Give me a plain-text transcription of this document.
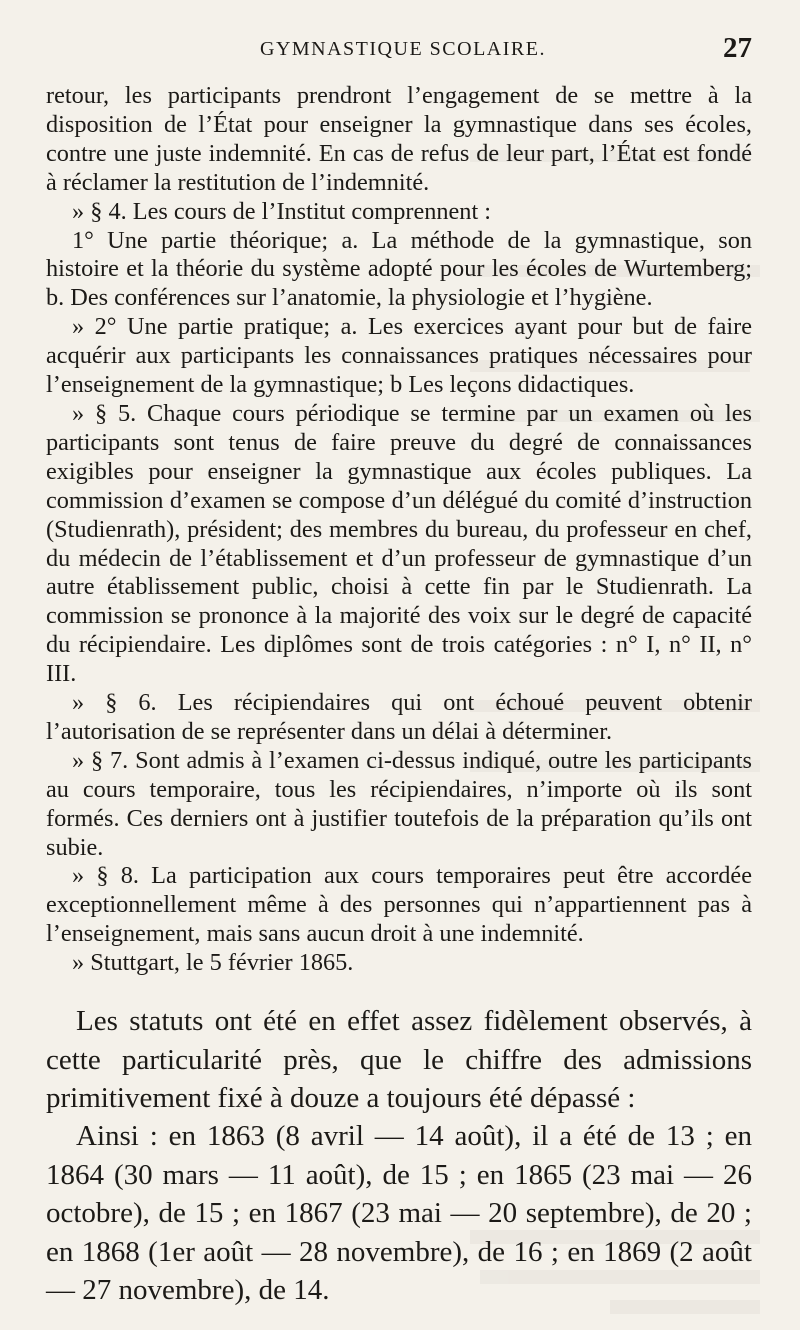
GYMNASTIQUE SCOLAIRE.	27

retour, les participants prendront l’engagement de se mettre à la disposition de l’État pour enseigner la gymnastique dans ses écoles, contre une juste indemnité. En cas de refus de leur part, l’État est fondé à réclamer la restitution de l’indemnité.

» § 4. Les cours de l’Institut comprennent :

1° Une partie théorique; a. La méthode de la gymnastique, son histoire et la théorie du système adopté pour les écoles de Wurtemberg; b. Des conférences sur l’anatomie, la physiologie et l’hygiène.

» 2° Une partie pratique; a. Les exercices ayant pour but de faire acquérir aux participants les connaissances pratiques nécessaires pour l’enseignement de la gymnastique; b Les leçons didactiques.

» § 5. Chaque cours périodique se termine par un examen où les participants sont tenus de faire preuve du degré de connaissances exigibles pour enseigner la gymnastique aux écoles publiques. La commission d’examen se compose d’un délégué du comité d’instruction (Studienrath), président; des membres du bureau, du professeur en chef, du médecin de l’établissement et d’un professeur de gymnastique d’un autre établissement public, choisi à cette fin par le Studienrath. La commission se prononce à la majorité des voix sur le degré de capacité du récipiendaire. Les diplômes sont de trois catégories : n° I, n° II, n° III.

» § 6. Les récipiendaires qui ont échoué peuvent obtenir l’autorisation de se représenter dans un délai à déterminer.

» § 7. Sont admis à l’examen ci-dessus indiqué, outre les participants au cours temporaire, tous les récipiendaires, n’importe où ils sont formés. Ces derniers ont à justifier toutefois de la préparation qu’ils ont subie.

» § 8. La participation aux cours temporaires peut être accordée exceptionnellement même à des personnes qui n’appartiennent pas à l’enseignement, mais sans aucun droit à une indemnité.

» Stuttgart, le 5 février 1865.

Les statuts ont été en effet assez fidèlement observés, à cette particularité près, que le chiffre des admissions primitivement fixé à douze a toujours été dépassé :

Ainsi : en 1863 (8 avril — 14 août), il a été de 13 ; en 1864 (30 mars — 11 août), de 15 ; en 1865 (23 mai — 26 octobre), de 15 ; en 1867 (23 mai — 20 septembre), de 20 ; en 1868 (1er août — 28 novembre), de 16 ; en 1869 (2 août — 27 novembre), de 14.
